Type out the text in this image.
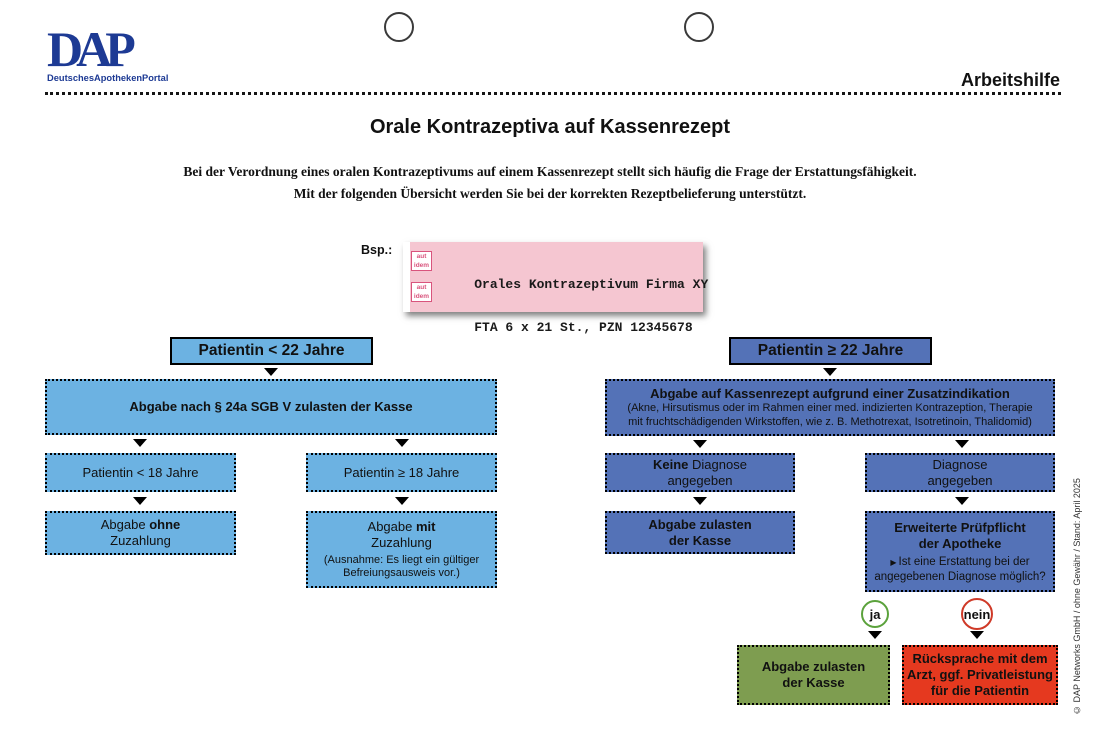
DAP
DeutschesApothekenPortal	Arbeitshilfe
Orale Kontrazeptiva auf Kassenrezept
Bei der Verordnung eines oralen Kontrazeptivums auf einem Kassenrezept stellt sich häufig die Frage der Erstattungsfähigkeit.
Mit der folgenden Übersicht werden Sie bei der korrekten Rezeptbelieferung unterstützt.
Bsp.:	aut
idem
aut
idem

Orales Kontrazeptivum Firma XY

FTA 6 x 21 St., PZN 12345678

Patientin < 22 Jahre
Abgabe nach § 24a SGB V zulasten der Kasse
Patientin < 18 Jahre	Patientin ≥ 18 Jahre
Abgabe ohne
Zuzahlung
Abgabe mit
Zuzahlung
(Ausnahme: Es liegt ein gültiger
Befreiungsausweis vor.)
Patientin ≥ 22 Jahre
Abgabe auf Kassenrezept aufgrund einer Zusatzindikation
(Akne, Hirsutismus oder im Rahmen einer med. indizierten Kontrazeption, Therapie
mit fruchtschädigenden Wirkstoffen, wie z. B. Methotrexat, Isotretinoin, Thalidomid)
Keine Diagnose
angegeben
Diagnose
angegeben
Abgabe zulasten
der Kasse
Erweiterte Prüfpflicht
der Apotheke
▶ Ist eine Erstattung bei der
angegebenen Diagnose möglich?
ja	nein
Abgabe zulasten
der Kasse
Rücksprache mit dem
Arzt, ggf. Privatleistung
für die Patientin	© DAP Networks GmbH / ohne Gewähr / Stand: April 2025
